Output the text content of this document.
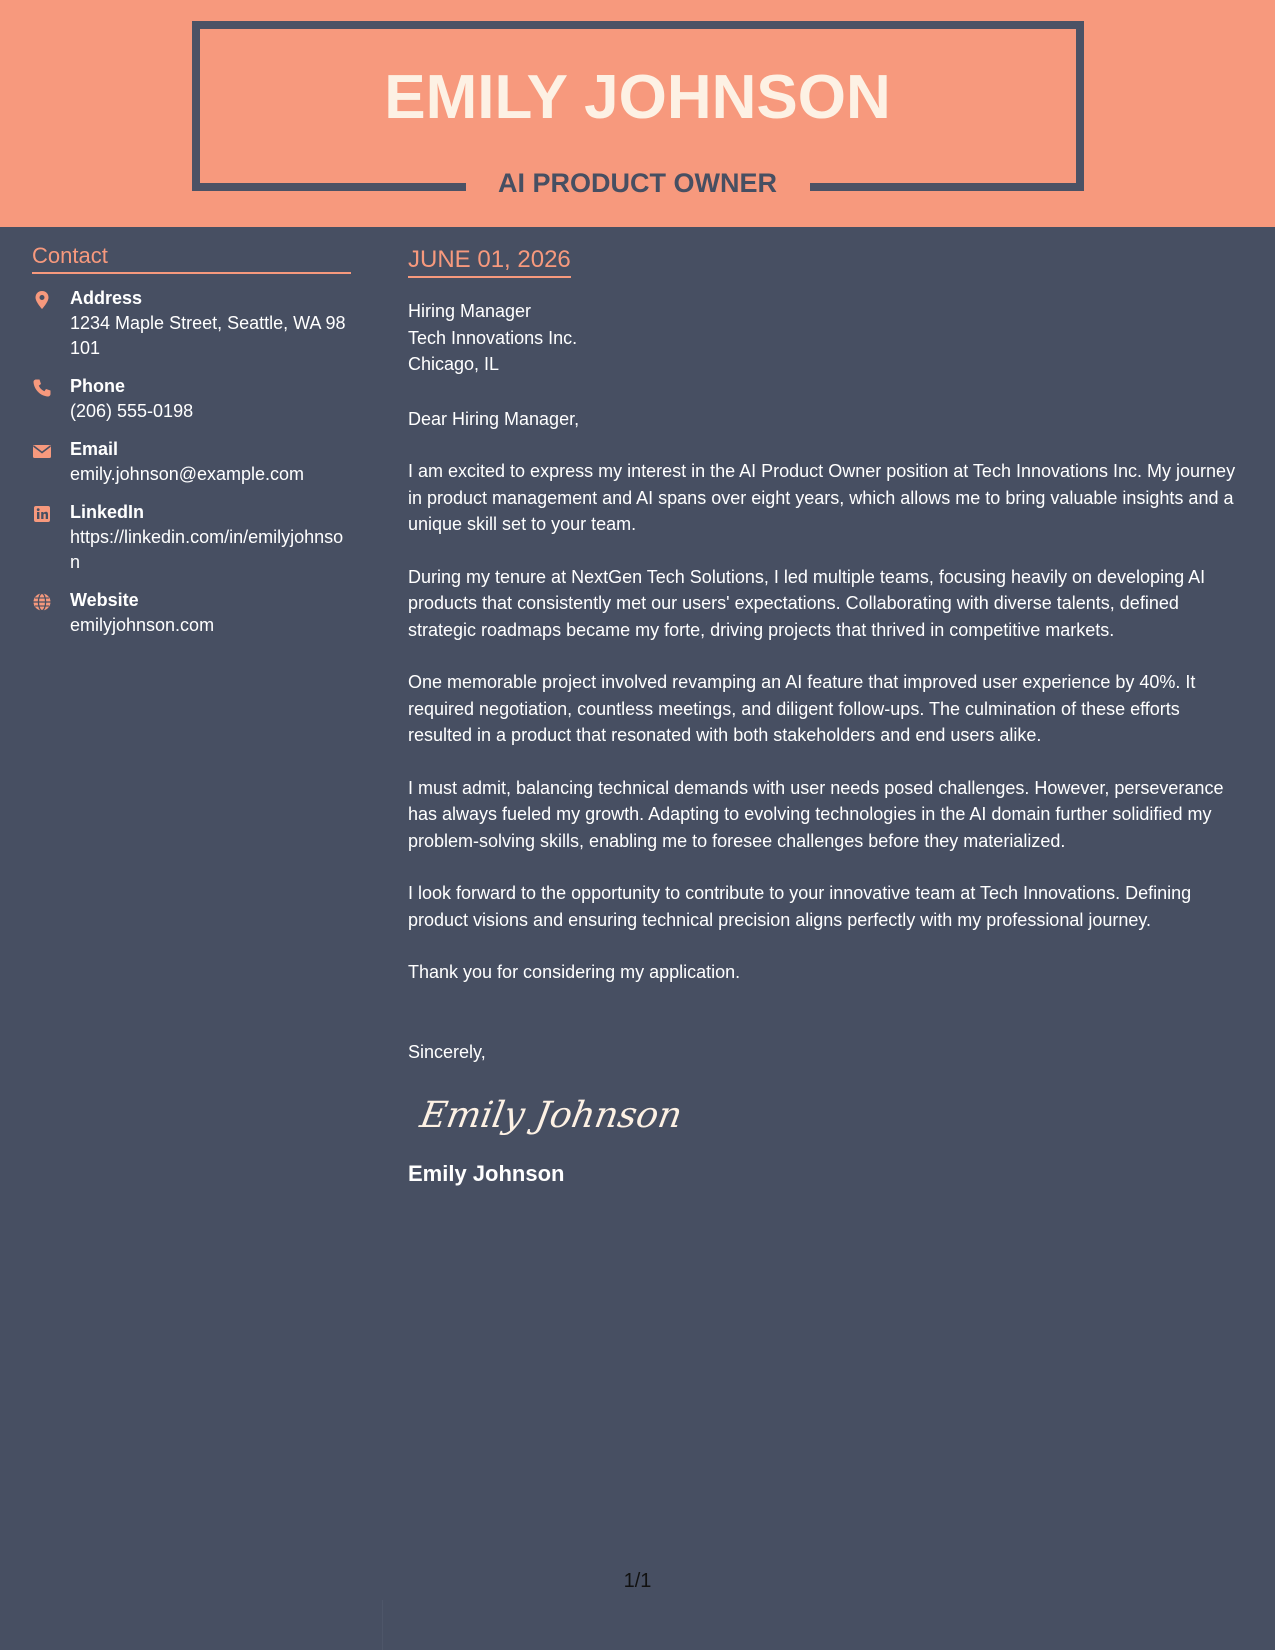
EMILY JOHNSON
AI PRODUCT OWNER
Contact
Address
1234 Maple Street, Seattle, WA 98101
Phone
(206) 555-0198
Email
emily.johnson@example.com
LinkedIn
https://linkedin.com/in/emilyjohnson
Website
emilyjohnson.com
JUNE 01, 2026
Hiring Manager
Tech Innovations Inc.
Chicago, IL
Dear Hiring Manager,
I am excited to express my interest in the AI Product Owner position at Tech Innovations Inc. My journey in product management and AI spans over eight years, which allows me to bring valuable insights and a unique skill set to your team.
During my tenure at NextGen Tech Solutions, I led multiple teams, focusing heavily on developing AI products that consistently met our users' expectations. Collaborating with diverse talents, defined strategic roadmaps became my forte, driving projects that thrived in competitive markets.
One memorable project involved revamping an AI feature that improved user experience by 40%. It required negotiation, countless meetings, and diligent follow-ups. The culmination of these efforts resulted in a product that resonated with both stakeholders and end users alike.
I must admit, balancing technical demands with user needs posed challenges. However, perseverance has always fueled my growth. Adapting to evolving technologies in the AI domain further solidified my problem-solving skills, enabling me to foresee challenges before they materialized.
I look forward to the opportunity to contribute to your innovative team at Tech Innovations. Defining product visions and ensuring technical precision aligns perfectly with my professional journey.
Thank you for considering my application.
Sincerely,
Emily Johnson
Emily Johnson
1/1
